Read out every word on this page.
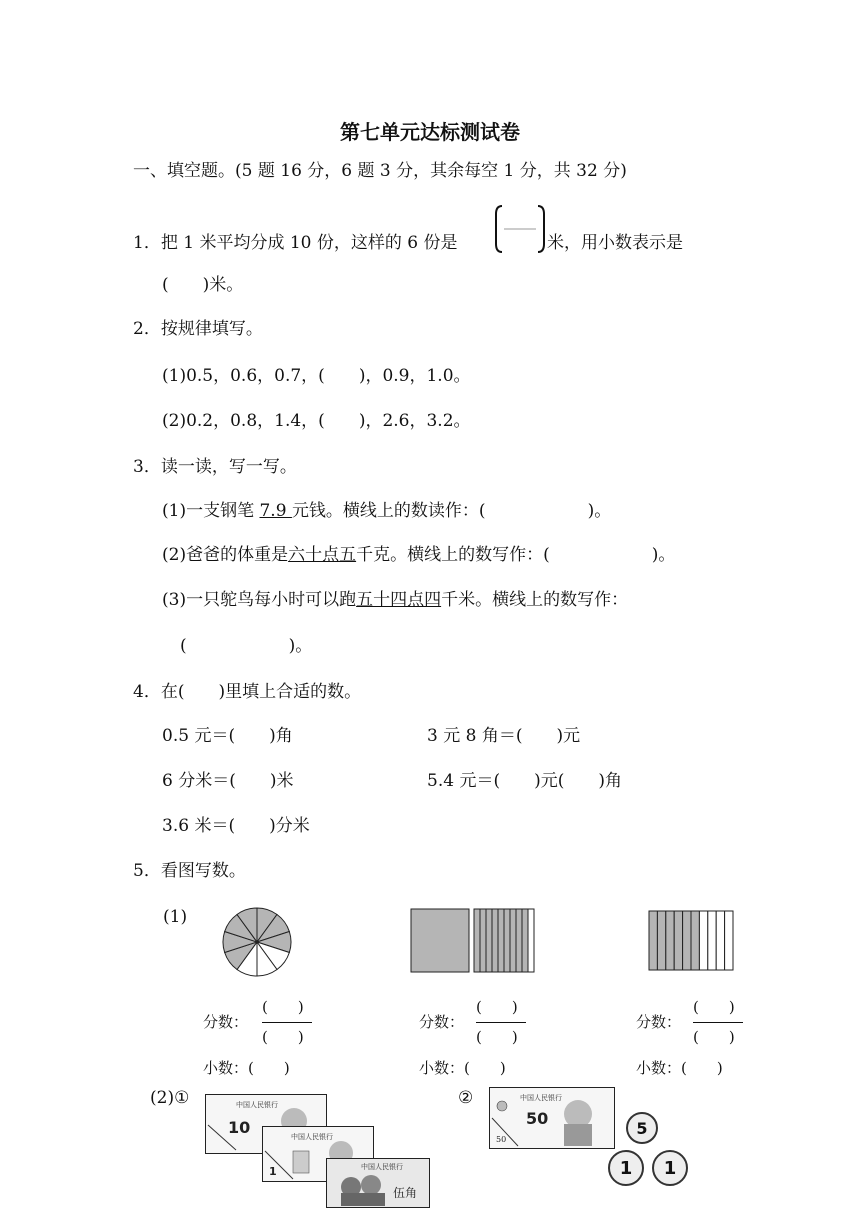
第七单元达标测试卷
一、填空题。(5 题 16 分，6 题 3 分，其余每空 1 分，共 32 分)
1．把 1 米平均分成 10 份，这样的 6 份是	米，用小数表示是
(　　)米。
2．按规律填写。
(1)0.5，0.6，0.7，(　　)，0.9，1.0。
(2)0.2，0.8，1.4，(　　)，2.6，3.2。
3．读一读，写一写。
(1)一支钢笔 7.9 元钱。横线上的数读作：(　　　　　　)。
(2)爸爸的体重是六十点五千克。横线上的数写作：(　　　　　　)。
(3)一只鸵鸟每小时可以跑五十四点四千米。横线上的数写作：
(　　　　　　)。
4．在(　　)里填上合适的数。
0.5 元＝(　　)角	3 元 8 角＝(　　)元
6 分米＝(　　)米	5.4 元＝(　　)元(　　)角
3.6 米＝(　　)分米
5．看图写数。
(1)
分数：
(　　)
(　　)
分数：
(　　)
(　　)
分数：
(　　)
(　　)
小数：(　　)	小数：(　　)	小数：(　　)
(2)①	②
中国人民银行
10	中国人民银行
1	中国人民银行
伍角
中国人民银行
50
50
5
1	1
